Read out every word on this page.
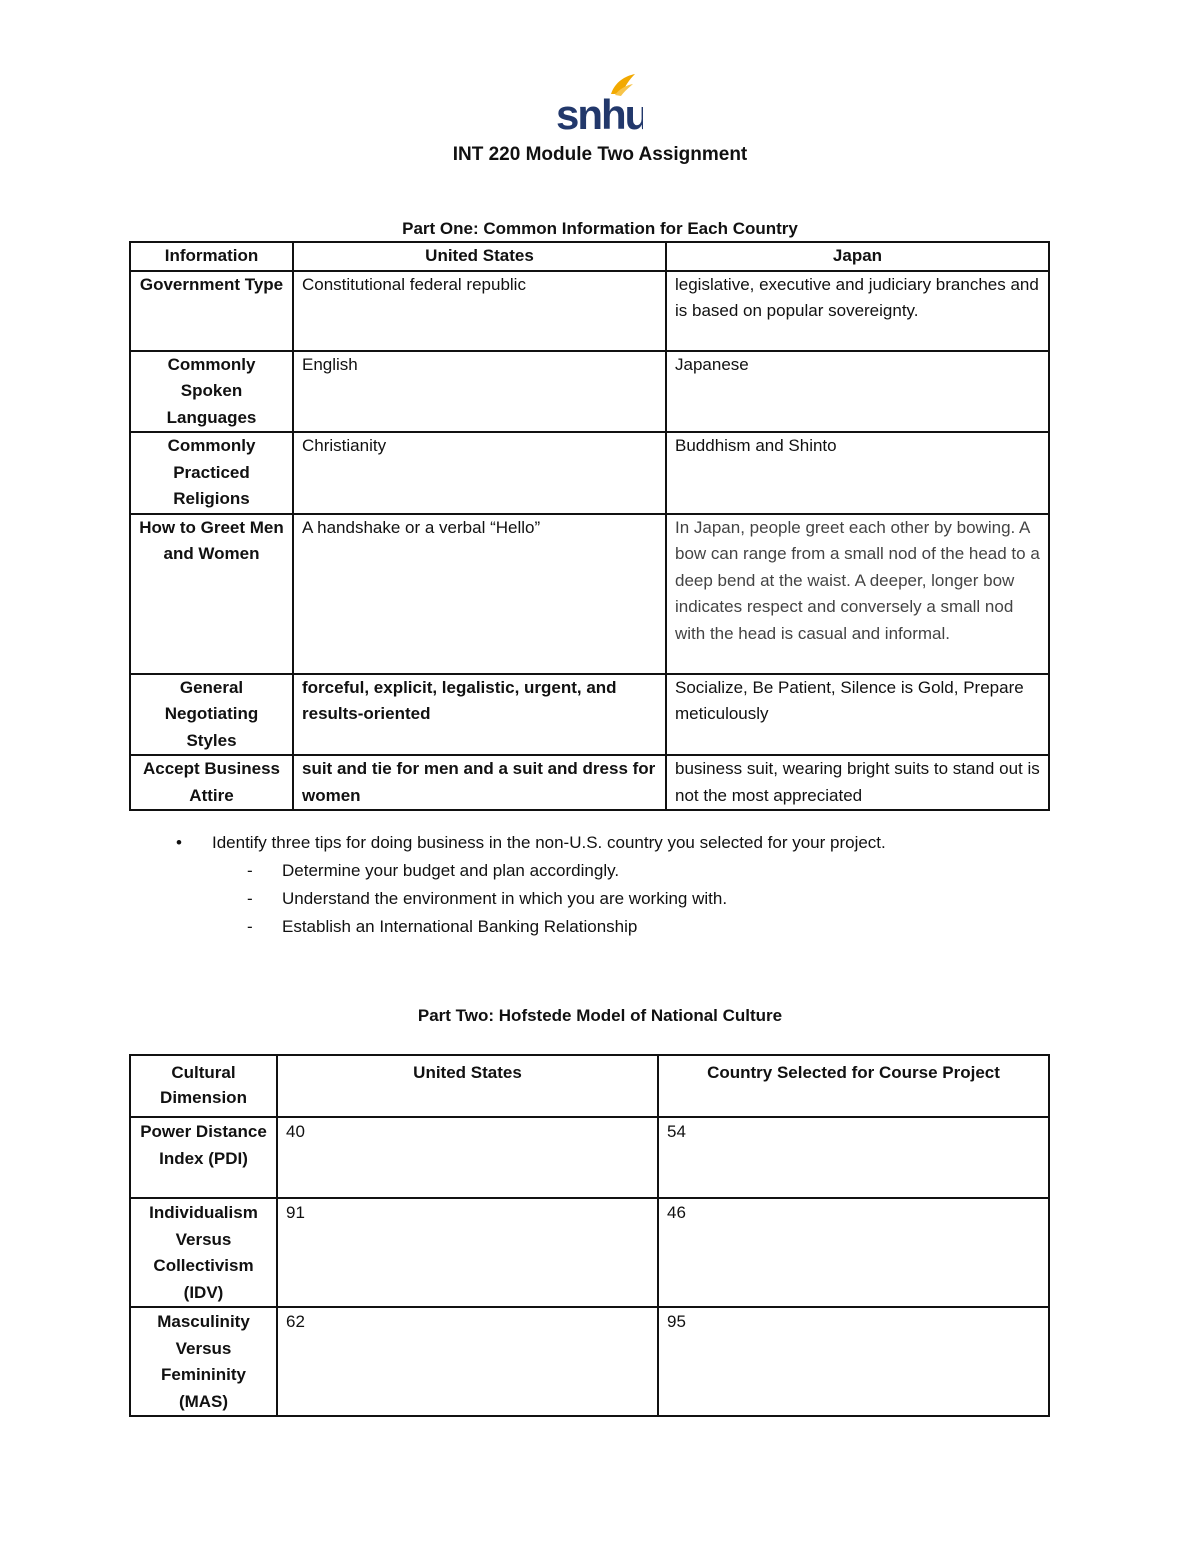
snhu
INT 220 Module Two Assignment
Part One: Common Information for Each Country
Information	United States	Japan
Government Type	Constitutional federal republic	legislative, executive and judiciary branches and is based on popular sovereignty.
Commonly Spoken Languages	English	Japanese
Commonly Practiced Religions	Christianity	Buddhism and Shinto
How to Greet Men and Women	A handshake or a verbal “Hello”	In Japan, people greet each other by bowing. A bow can range from a small nod of the head to a deep bend at the waist. A deeper, longer bow indicates respect and conversely a small nod with the head is casual and informal.
General Negotiating Styles	forceful, explicit, legalistic, urgent, and results-oriented	Socialize, Be Patient, Silence is Gold, Prepare meticulously
Accept Business Attire	suit and tie for men and a suit and dress for women	business suit, wearing bright suits to stand out is not the most appreciated
• Identify three tips for doing business in the non-U.S. country you selected for your project.
- Determine your budget and plan accordingly.
- Understand the environment in which you are working with.
- Establish an International Banking Relationship
Part Two: Hofstede Model of National Culture
Cultural Dimension	United States	Country Selected for Course Project
Power Distance Index (PDI)	40	54
Individualism Versus Collectivism (IDV)	91	46
Masculinity Versus Femininity (MAS)	62	95
